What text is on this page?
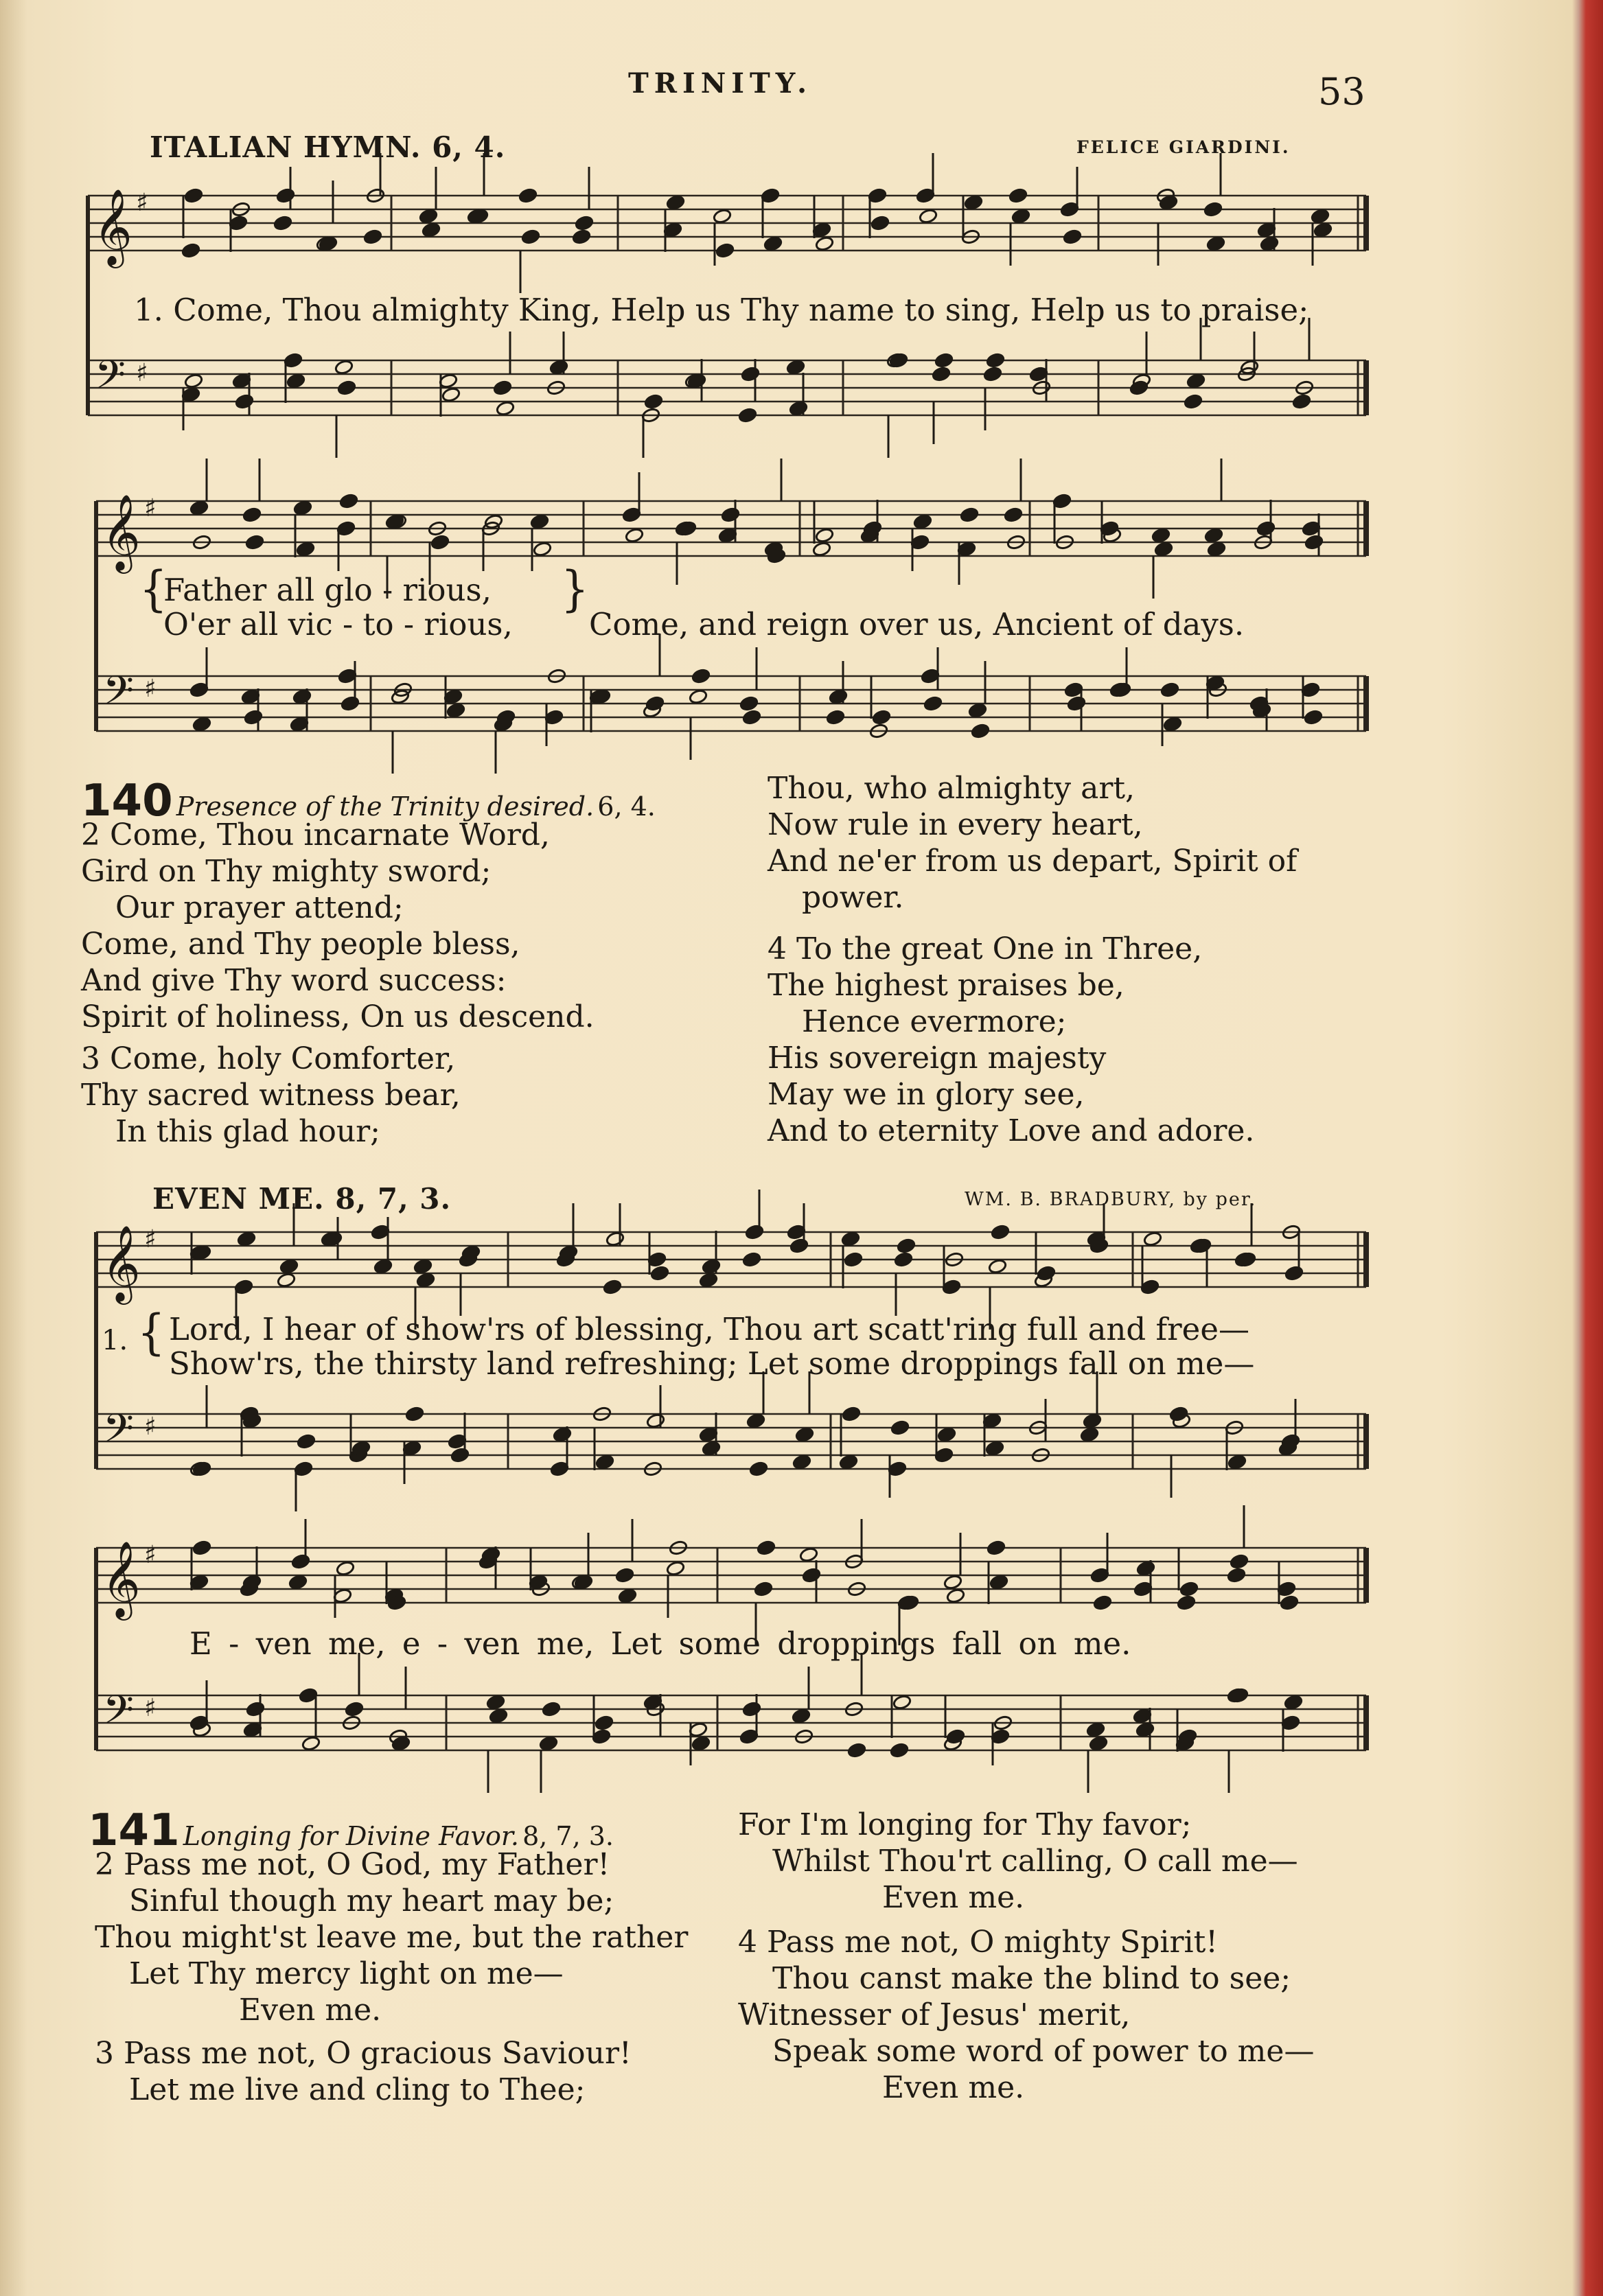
TRINITY.	53
ITALIAN HYMN. 6, 4.	FELICE GIARDINI.
𝄞
𝄢
♯
♯
𝄞
𝄢
♯
♯
𝄞
𝄢
♯
♯
𝄞
𝄢
♯
♯
1. Come, Thou almighty King, Help us Thy name to sing, Help us to praise;
{
Father all glo - rious,
O'er all vic - to - rious,
}
Come, and reign over us, Ancient of days.
140 Presence of the Trinity desired. 6, 4.
2 Come, Thou incarnate Word,
Gird on Thy mighty sword;
Our prayer attend;
Come, and Thy people bless,
And give Thy word success:
Spirit of holiness, On us descend.
3 Come, holy Comforter,
Thy sacred witness bear,
In this glad hour;
Thou, who almighty art,
Now rule in every heart,
And ne'er from us depart, Spirit of
power.
4 To the great One in Three,
The highest praises be,
Hence evermore;
His sovereign majesty
May we in glory see,
And to eternity Love and adore.
EVEN ME. 8, 7, 3.	WM. B. BRADBURY, by per.
1. { Lord, I hear of show'rs of blessing, Thou art scatt'ring full and free—
Show'rs, the thirsty land refreshing; Let some droppings fall on me—
E - ven me, e - ven me, Let some droppings fall on me.
141 Longing for Divine Favor. 8, 7, 3.
2 Pass me not, O God, my Father!
Sinful though my heart may be;
Thou might'st leave me, but the rather
Let Thy mercy light on me—
Even me.
3 Pass me not, O gracious Saviour!
Let me live and cling to Thee;
For I'm longing for Thy favor;
Whilst Thou'rt calling, O call me—
Even me.
4 Pass me not, O mighty Spirit!
Thou canst make the blind to see;
Witnesser of Jesus' merit,
Speak some word of power to me—
Even me.
